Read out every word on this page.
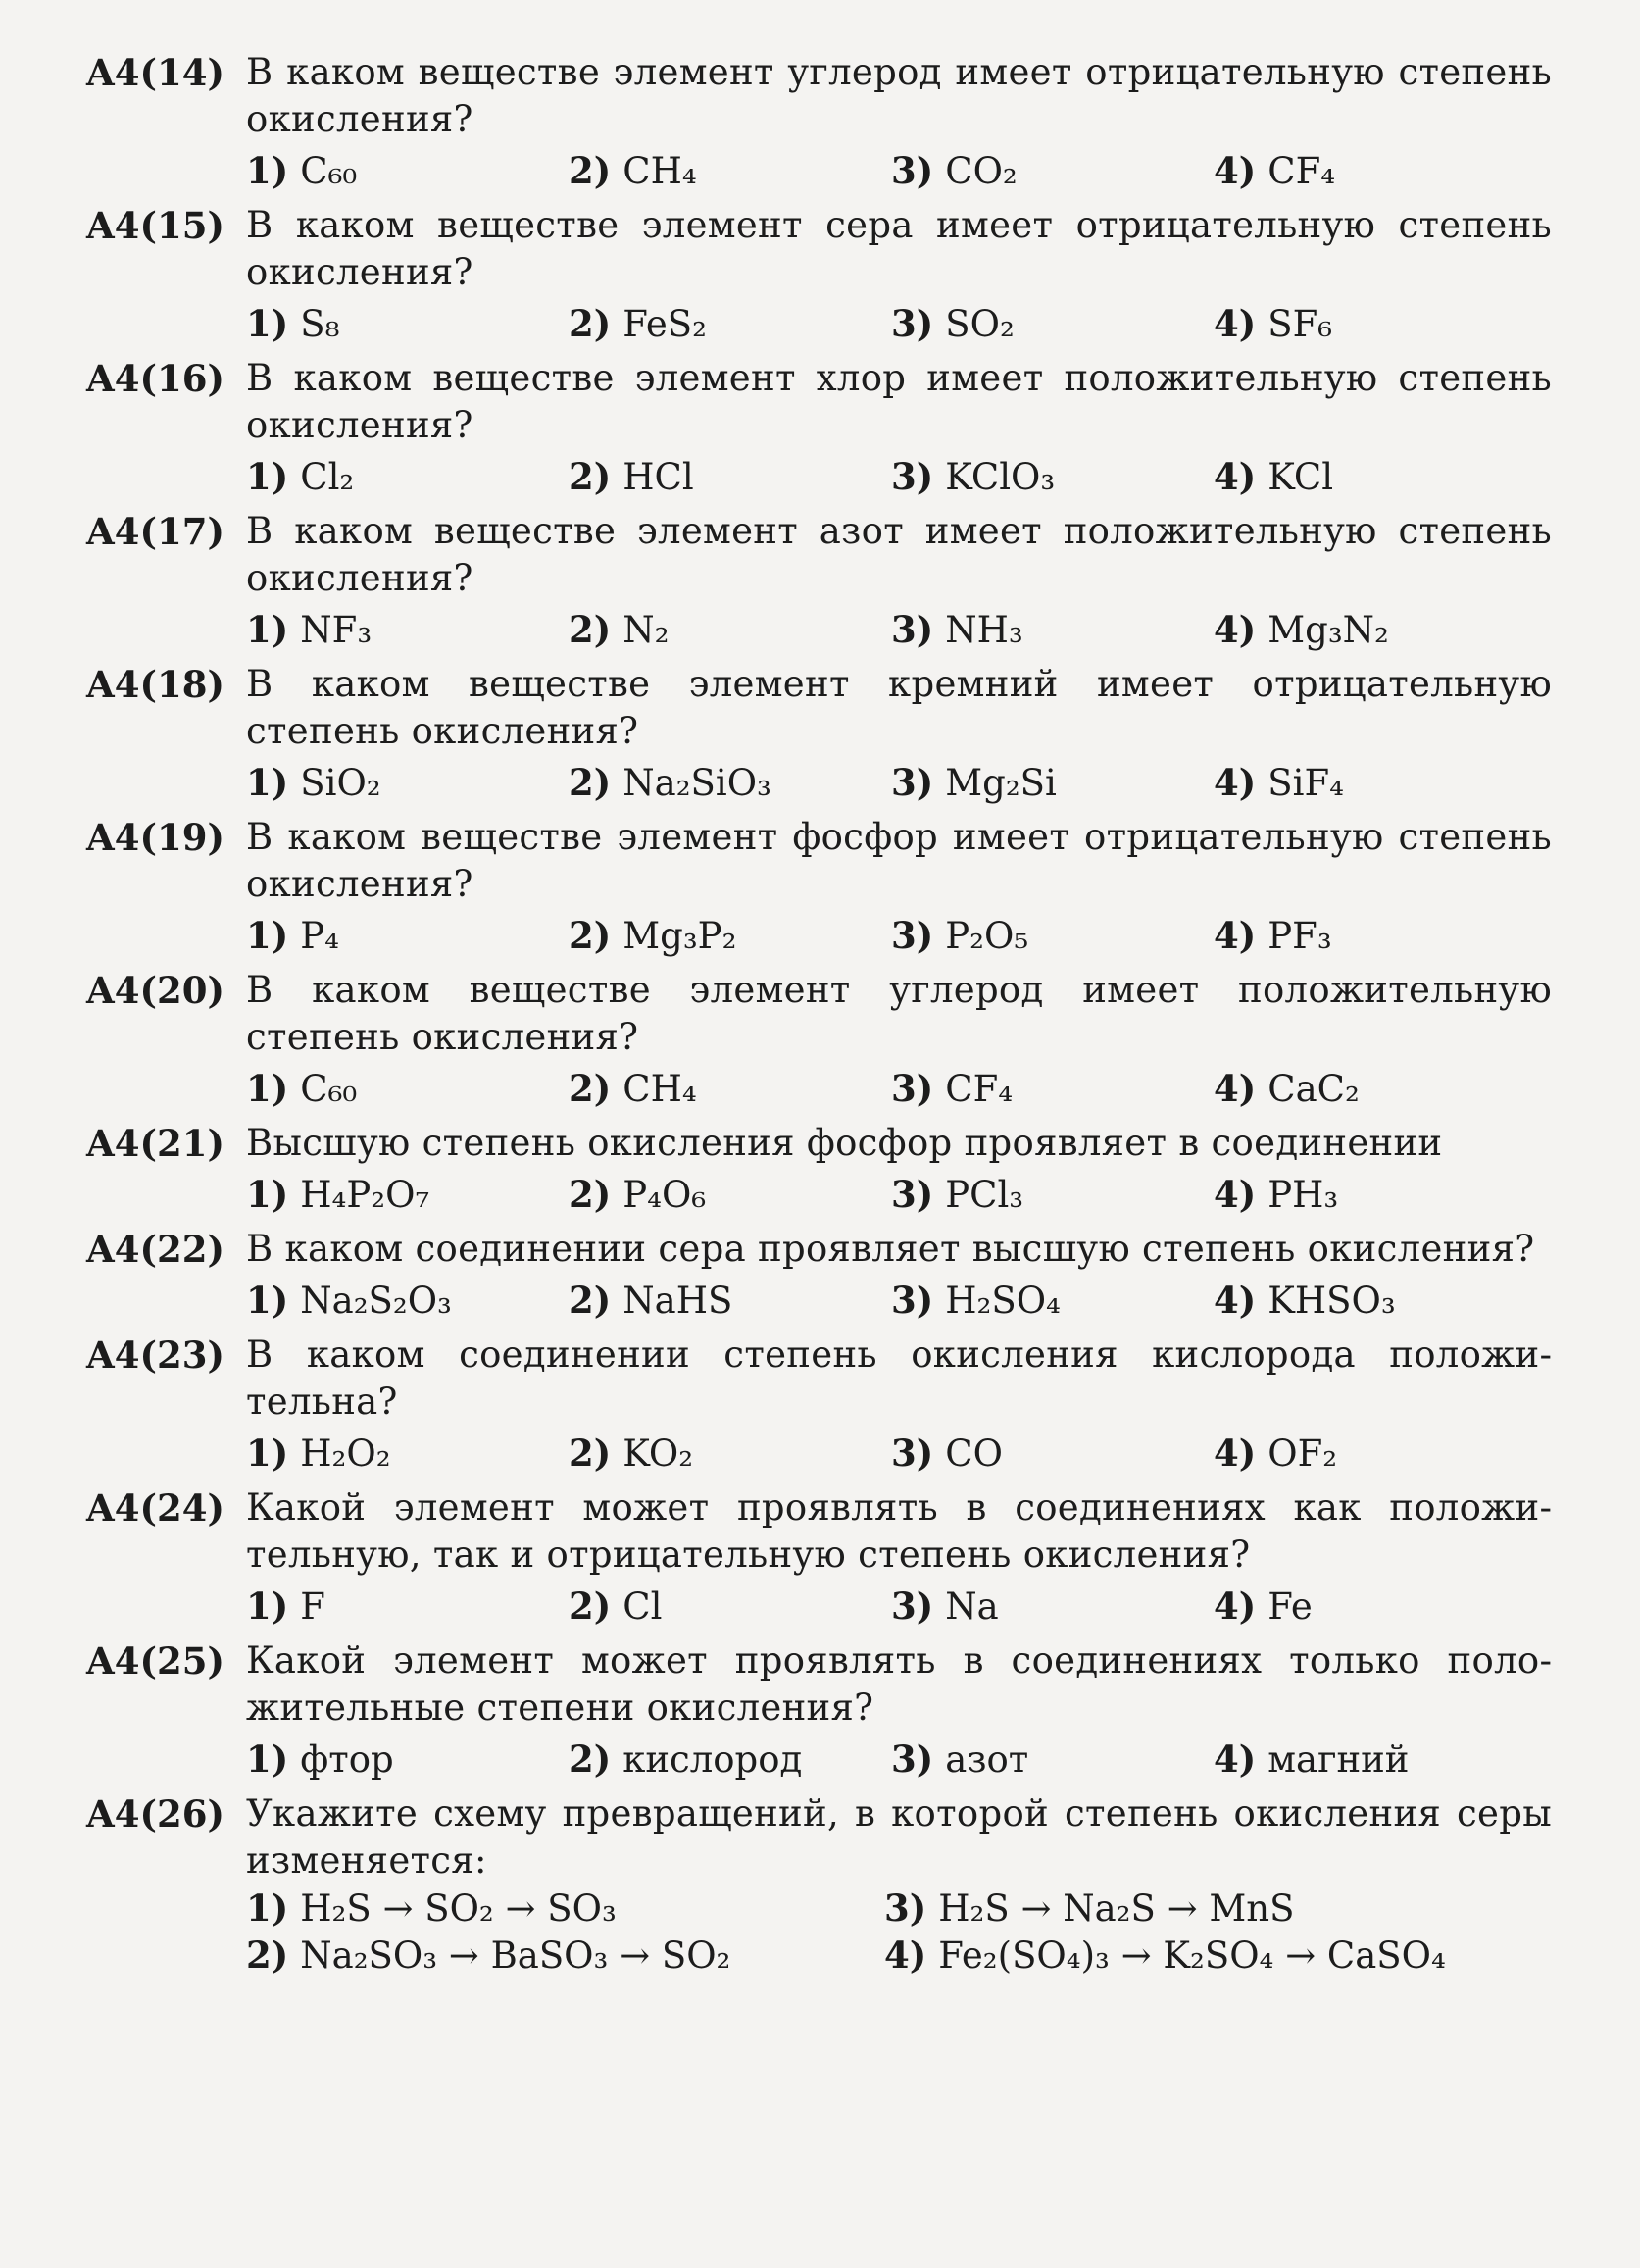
A4(14) В каком веществе элемент углерод имеет отрицательную степень окисления?
1) C₆₀	2) CH₄	3) CO₂	4) CF₄
A4(15) В каком веществе элемент сера имеет отрицательную степень окисления?
1) S₈	2) FeS₂	3) SO₂	4) SF₆
A4(16) В каком веществе элемент хлор имеет положительную степень окисления?
1) Cl₂	2) HCl	3) KClO₃	4) KCl
A4(17) В каком веществе элемент азот имеет положительную степень окисления?
1) NF₃	2) N₂	3) NH₃	4) Mg₃N₂
A4(18) В каком веществе элемент кремний имеет отрицательную степень окисления?
1) SiO₂	2) Na₂SiO₃	3) Mg₂Si	4) SiF₄
A4(19) В каком веществе элемент фосфор имеет отрицательную степень окисления?
1) P₄	2) Mg₃P₂	3) P₂O₅	4) PF₃
A4(20) В каком веществе элемент углерод имеет положительную степень окисления?
1) C₆₀	2) CH₄	3) CF₄	4) CaC₂
A4(21) Высшую степень окисления фосфор проявляет в соединении
1) H₄P₂O₇	2) P₄O₆	3) PCl₃	4) PH₃
A4(22) В каком соединении сера проявляет высшую степень окисления?
1) Na₂S₂O₃	2) NaHS	3) H₂SO₄	4) KHSO₃
A4(23) В каком соединении степень окисления кислорода положительна?
1) H₂O₂	2) KO₂	3) CO	4) OF₂
A4(24) Какой элемент может проявлять в соединениях как положительную, так и отрицательную степень окисления?
1) F	2) Cl	3) Na	4) Fe
A4(25) Какой элемент может проявлять в соединениях только положительные степени окисления?
1) фтор	2) кислород	3) азот	4) магний
A4(26) Укажите схему превращений, в которой степень окисления серы изменяется:
1) H₂S → SO₂ → SO₃	3) H₂S → Na₂S → MnS
2) Na₂SO₃ → BaSO₃ → SO₂	4) Fe₂(SO₄)₃ → K₂SO₄ → CaSO₄
